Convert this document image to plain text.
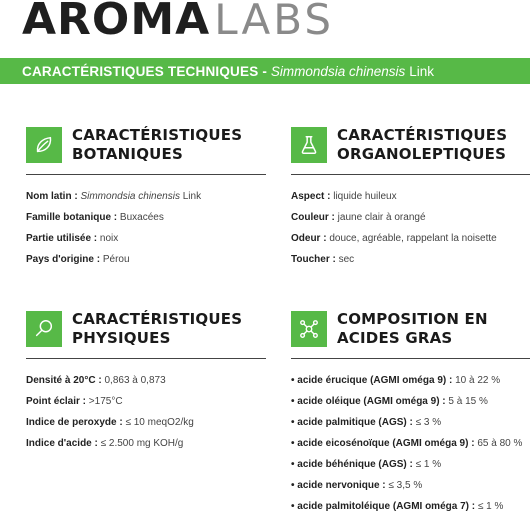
AROMALABS
CARACTÉRISTIQUES TECHNIQUES - Simmondsia chinensis Link
CARACTÉRISTIQUES
BOTANIQUES
Nom latin : Simmondsia chinensis Link
Famille botanique : Buxacées
Partie utilisée : noix
Pays d'origine : Pérou
CARACTÉRISTIQUES
ORGANOLEPTIQUES
Aspect : liquide huileux
Couleur : jaune clair à orangé
Odeur : douce, agréable, rappelant la noisette
Toucher : sec
CARACTÉRISTIQUES
PHYSIQUES
Densité à 20°C : 0,863 à 0,873
Point éclair : >175°C
Indice de peroxyde : ≤ 10 meqO2/kg
Indice d'acide : ≤ 2.500 mg KOH/g
COMPOSITION EN
ACIDES GRAS
• acide érucique (AGMI oméga 9) : 10 à 22 %
• acide oléique (AGMI oméga 9) : 5 à 15 %
• acide palmitique (AGS) : ≤ 3 %
• acide eicosénoïque (AGMI oméga 9) : 65 à 80 %
• acide béhénique (AGS) : ≤ 1 %
• acide nervonique : ≤ 3,5 %
• acide palmitoléique (AGMI oméga 7) : ≤ 1 %
